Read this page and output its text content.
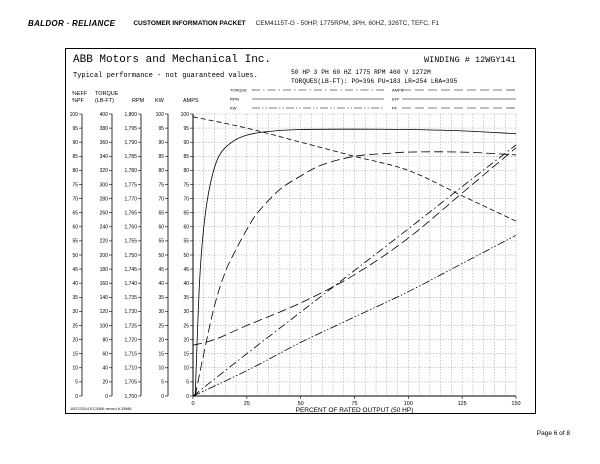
BALDOR · RELIANCE	CUSTOMER INFORMATION PACKET CEM4115T-G - 50HP, 1775RPM, 3PH, 60HZ, 326TC, TEFC, F1
ABB Motors and Mechanical Inc.
Typical performance - not guaranteed values.
WINDING # 12WGY141
50 HP 3 PH 60 HZ 1775 RPM 460 V 1272M
TORQUES(LB-FT): PO=396 PU=183 LR=254 LRA=395
TORQUE
RPM
KW
AMPS
EFF
PF
%EFF
%PF
100
95
90
85
80
75
70
65
60
55
50
45
40
35
30
25
20
15
10
5
0
TORQUE
(LB-FT)
400
380
360
340
320
300
280
260
240
220
200
180
160
140
120
100
80
60
40
20
0
RPM
1,800
1,795
1,790
1,785
1,780
1,775
1,770
1,765
1,760
1,755
1,750
1,745
1,740
1,735
1,730
1,725
1,720
1,715
1,710
1,705
1,700
KW
100
95
90
85
80
75
70
65
60
55
50
45
40
35
30
25
20
15
10
5
0
AMPS
100
95
90
85
80
75
70
65
60
55
50
45
40
35
30
25
20
15
10
5
0
0	25	50	75	100	125	150
PERCENT OF RATED OUTPUT (50 HP)
10/27/2014 EC2068; record # 33986
Page 6 of 8
